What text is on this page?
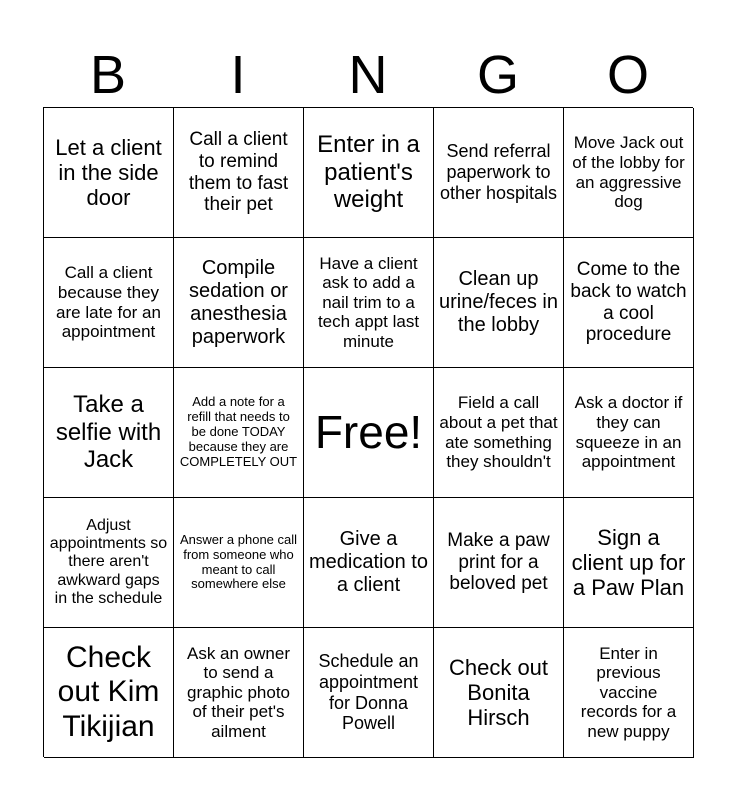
B	I	N	G	O
Let a client in the side door
Call a client to remind them to fast their pet
Enter in a patient's weight
Send referral paperwork to other hospitals
Move Jack out of the lobby for an aggressive dog
Call a client because they are late for an appointment
Compile sedation or anesthesia paperwork
Have a client ask to add a nail trim to a tech appt last minute
Clean up urine/feces in the lobby
Come to the back to watch a cool procedure
Take a selfie with Jack
Add a note for a refill that needs to be done TODAY because they are COMPLETELY OUT
Free!
Field a call about a pet that ate something they shouldn't
Ask a doctor if they can squeeze in an appointment
Adjust appointments so there aren't awkward gaps in the schedule
Answer a phone call from someone who meant to call somewhere else
Give a medication to a client
Make a paw print for a beloved pet
Sign a client up for a Paw Plan
Check out Kim Tikijian
Ask an owner to send a graphic photo of their pet's ailment
Schedule an appointment for Donna Powell
Check out Bonita Hirsch
Enter in previous vaccine records for a new puppy
